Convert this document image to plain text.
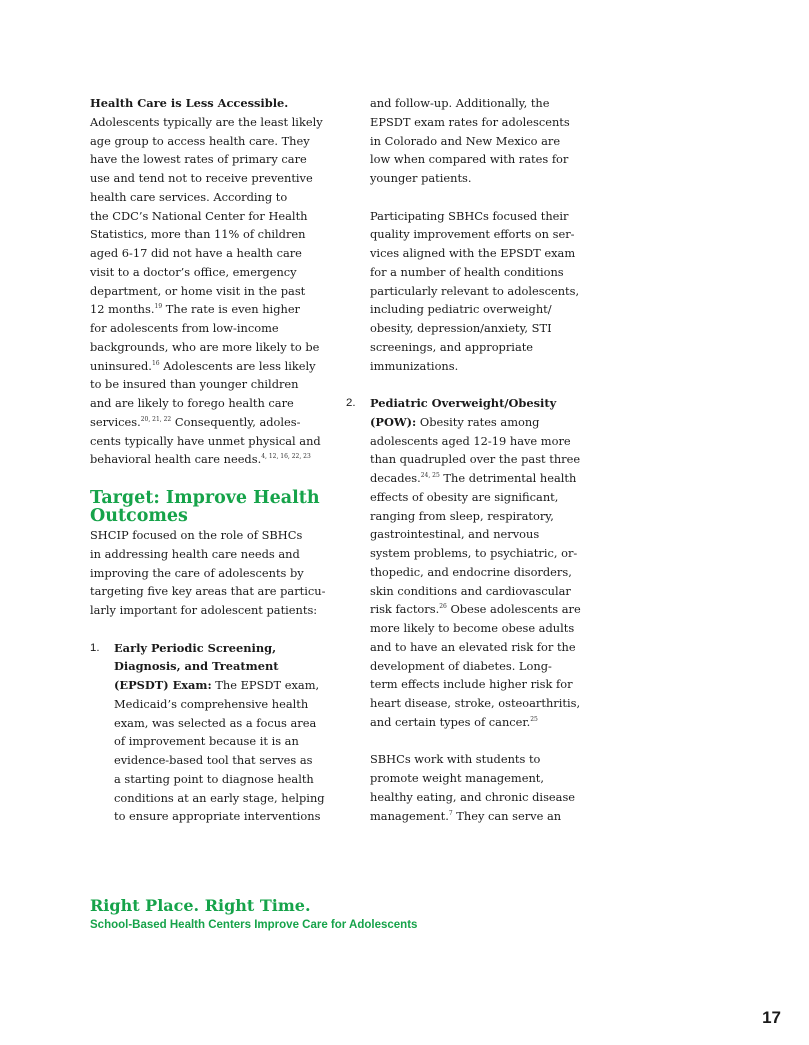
Health Care is Less Accessible.
Adolescents typically are the least likely
age group to access health care. They
have the lowest rates of primary care
use and tend not to receive preventive
health care services. According to
the CDC’s National Center for Health
Statistics, more than 11% of children
aged 6-17 did not have a health care
visit to a doctor’s office, emergency
department, or home visit in the past
12 months.$^{19}$ The rate is even higher
for adolescents from low-income
backgrounds, who are more likely to be
uninsured.$^{16}$ Adolescents are less likely
to be insured than younger children
and are likely to forego health care
services.$^{20, 21, 22}$ Consequently, adoles-
cents typically have unmet physical and
behavioral health care needs.$^{4, 12, 16, 22, 23}$
Target: Improve Health
Outcomes
SHCIP focused on the role of SBHCs
in addressing health care needs and
improving the care of adolescents by
targeting five key areas that are particu-
larly important for adolescent patients:
1. Early Periodic Screening,
Diagnosis, and Treatment
(EPSDT) Exam: The EPSDT exam,
Medicaid’s comprehensive health
exam, was selected as a focus area
of improvement because it is an
evidence-based tool that serves as
a starting point to diagnose health
conditions at an early stage, helping
to ensure appropriate interventions
and follow-up. Additionally, the
EPSDT exam rates for adolescents
in Colorado and New Mexico are
low when compared with rates for
younger patients.
Participating SBHCs focused their
quality improvement efforts on ser-
vices aligned with the EPSDT exam
for a number of health conditions
particularly relevant to adolescents,
including pediatric overweight/
obesity, depression/anxiety, STI
screenings, and appropriate
immunizations.
2. Pediatric Overweight/Obesity
(POW): Obesity rates among
adolescents aged 12-19 have more
than quadrupled over the past three
decades.$^{24, 25}$ The detrimental health
effects of obesity are significant,
ranging from sleep, respiratory,
gastrointestinal, and nervous
system problems, to psychiatric, or-
thopedic, and endocrine disorders,
skin conditions and cardiovascular
risk factors.$^{26}$ Obese adolescents are
more likely to become obese adults
and to have an elevated risk for the
development of diabetes. Long-
term effects include higher risk for
heart disease, stroke, osteoarthritis,
and certain types of cancer.$^{25}$
SBHCs work with students to
promote weight management,
healthy eating, and chronic disease
management.$^7$ They can serve an
Right Place. Right Time.
School-Based Health Centers Improve Care for Adolescents
17
